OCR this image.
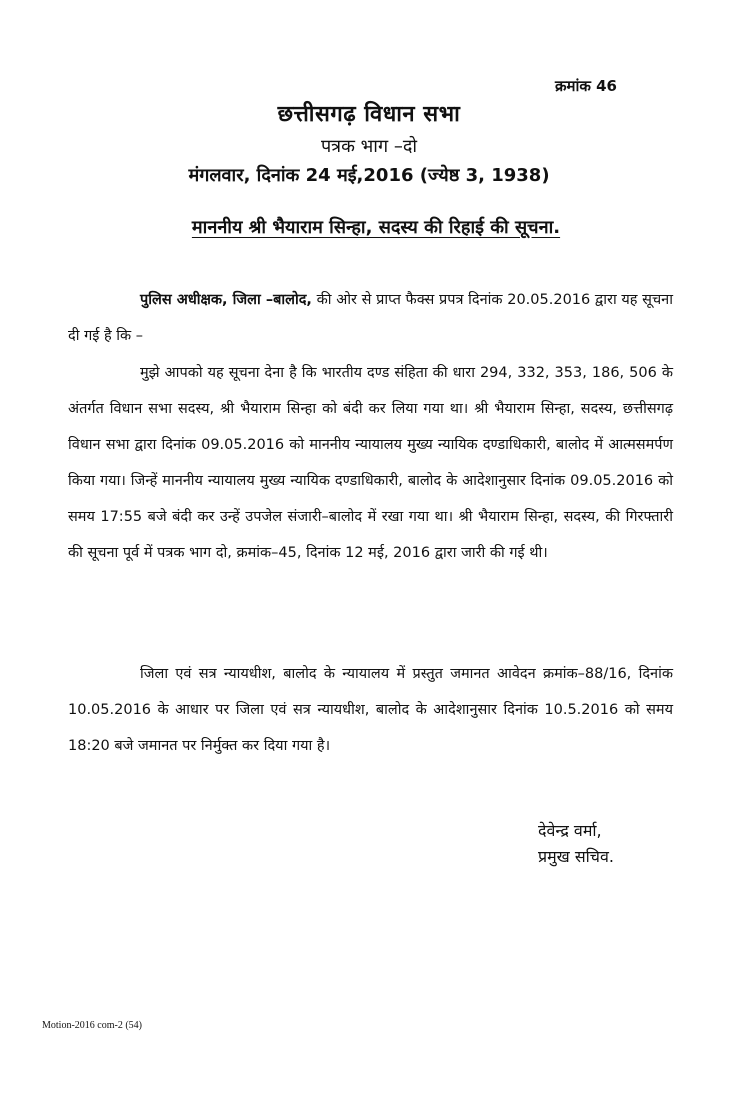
क्रमांक 46
छत्तीसगढ़ विधान सभा
पत्रक भाग –दो
मंगलवार, दिनांक 24 मई,2016 (ज्येष्ठ 3, 1938)
माननीय श्री भैयाराम सिन्हा, सदस्य की रिहाई की सूचना.
पुलिस अधीक्षक, जिला –बालोद, की ओर से प्राप्त फैक्स प्रपत्र दिनांक 20.05.2016 द्वारा यह सूचना दी गई है कि –
मुझे आपको यह सूचना देना है कि भारतीय दण्ड संहिता की धारा 294, 332, 353, 186, 506 के अंतर्गत विधान सभा सदस्य, श्री भैयाराम सिन्हा को बंदी कर लिया गया था। श्री भैयाराम सिन्हा, सदस्य, छत्तीसगढ़ विधान सभा द्वारा दिनांक 09.05.2016 को माननीय न्यायालय मुख्य न्यायिक दण्डाधिकारी, बालोद में आत्मसमर्पण किया गया। जिन्हें माननीय न्यायालय मुख्य न्यायिक दण्डाधिकारी, बालोद के आदेशानुसार दिनांक 09.05.2016 को समय 17:55 बजे बंदी कर उन्हें उपजेल संजारी–बालोद में रखा गया था। श्री भैयाराम सिन्हा, सदस्य, की गिरफ्तारी की सूचना पूर्व में पत्रक भाग दो, क्रमांक–45, दिनांक 12 मई, 2016 द्वारा जारी की गई थी।
जिला एवं सत्र न्यायधीश, बालोद के न्यायालय में प्रस्तुत जमानत आवेदन क्रमांक–88/16, दिनांक 10.05.2016 के आधार पर जिला एवं सत्र न्यायधीश, बालोद के आदेशानुसार दिनांक 10.5.2016 को समय 18:20 बजे जमानत पर निर्मुक्त कर दिया गया है।
देवेन्द्र वर्मा,
प्रमुख सचिव.
Motion-2016 com-2 (54)
